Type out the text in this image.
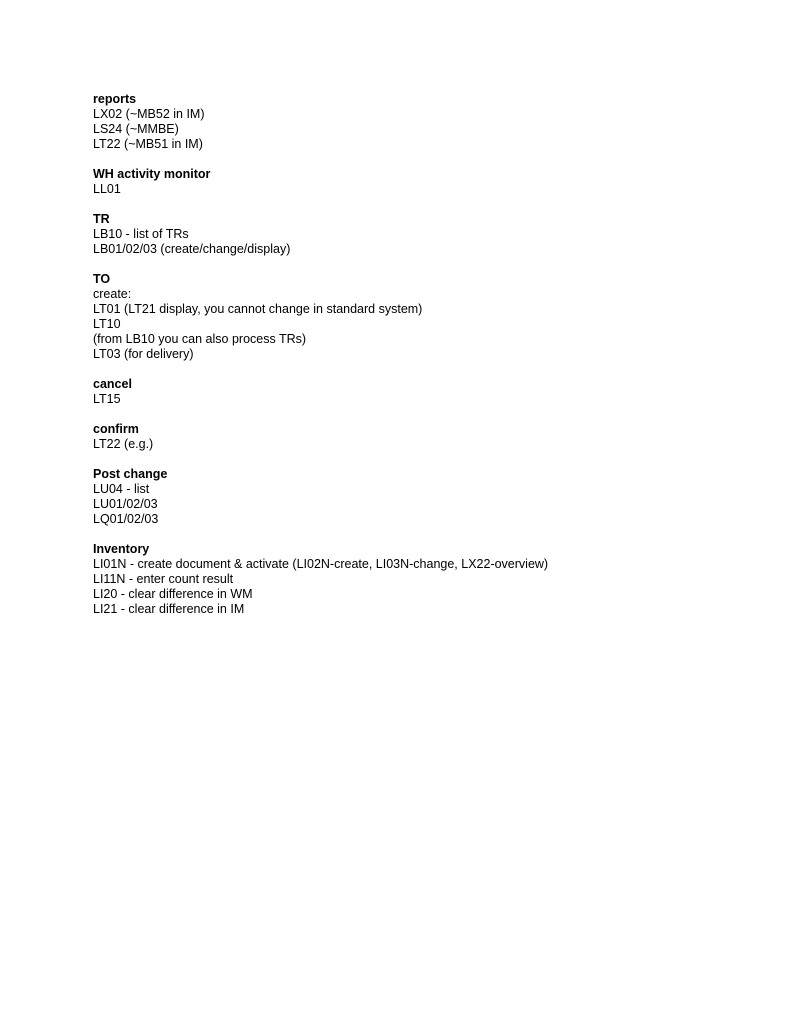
reports
LX02 (~MB52 in IM)
LS24 (~MMBE)
LT22 (~MB51 in IM)
WH activity monitor
LL01
TR
LB10 - list of TRs
LB01/02/03 (create/change/display)
TO
create:
LT01 (LT21 display, you cannot change in standard system)
LT10
(from LB10 you can also process TRs)
LT03 (for delivery)
cancel
LT15
confirm
LT22 (e.g.)
Post change
LU04 - list
LU01/02/03
LQ01/02/03
Inventory
LI01N - create document & activate (LI02N-create, LI03N-change, LX22-overview)
LI11N - enter count result
LI20 - clear difference in WM
LI21 - clear difference in IM
